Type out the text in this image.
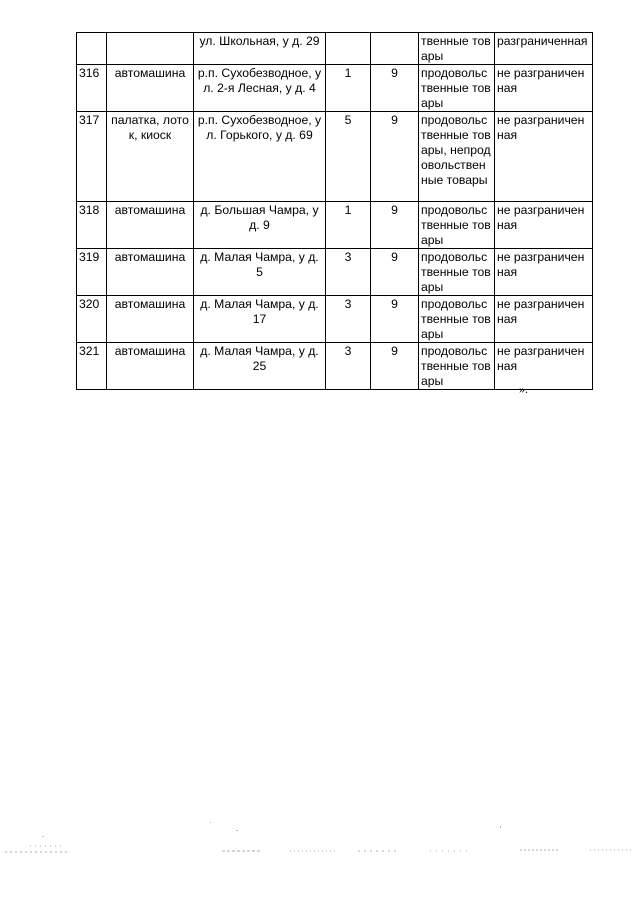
		ул. Школьная, у д. 29			твенные товары	разграниченная
316	автомашина	р.п. Сухобезводное, ул. 2-я Лесная, у д. 4	1	9	продовольственные товары	не разграниченная
317	палатка, лоток, киоск	р.п. Сухобезводное, ул. Горького, у д. 69	5	9	продовольственные товары, непродовольственные товары	не разграниченная
318	автомашина	д. Большая Чамра, у д. 9	1	9	продовольственные товары	не разграниченная
319	автомашина	д. Малая Чамра, у д. 5	3	9	продовольственные товары	не разграниченная
320	автомашина	д. Малая Чамра, у д. 17	3	9	продовольственные товары	не разграниченная
321	автомашина	д. Малая Чамра, у д. 25	3	9	продовольственные товары	не разграниченная
».
